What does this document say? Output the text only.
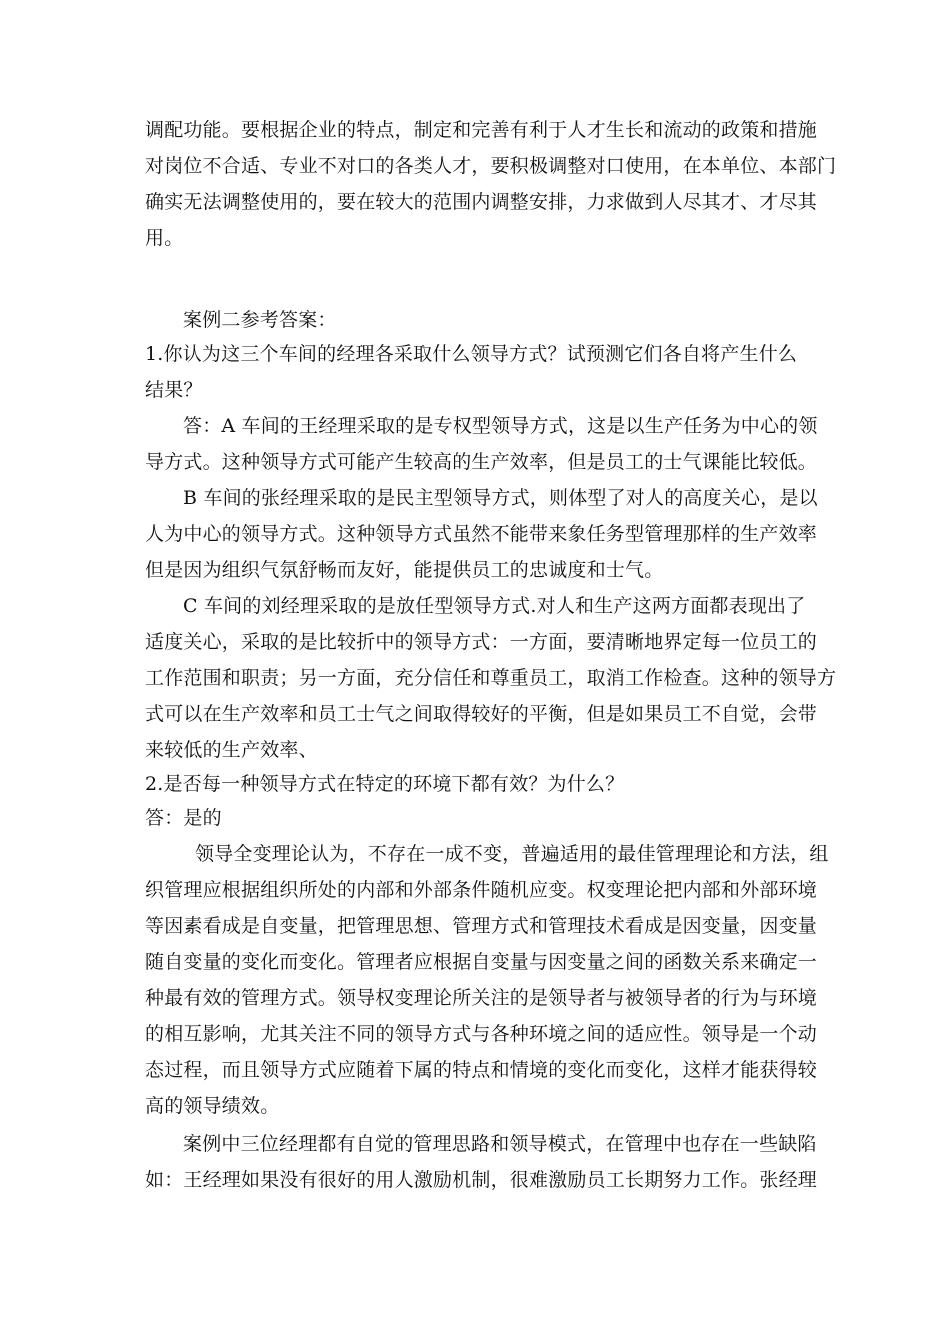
调配功能。要根据企业的特点，制定和完善有利于人才生长和流动的政策和措施
对岗位不合适、专业不对口的各类人才，要积极调整对口使用，在本单位、本部门
确实无法调整使用的，要在较大的范围内调整安排，力求做到人尽其才、才尽其
用。
案例二参考答案：
1.你认为这三个车间的经理各采取什么领导方式？试预测它们各自将产生什么
结果？
答：A 车间的王经理采取的是专权型领导方式，这是以生产任务为中心的领
导方式。这种领导方式可能产生较高的生产效率，但是员工的士气课能比较低。
B 车间的张经理采取的是民主型领导方式，则体型了对人的高度关心，是以
人为中心的领导方式。这种领导方式虽然不能带来象任务型管理那样的生产效率
但是因为组织气氛舒畅而友好，能提供员工的忠诚度和士气。
C 车间的刘经理采取的是放任型领导方式.对人和生产这两方面都表现出了
适度关心，采取的是比较折中的领导方式：一方面，要清晰地界定每一位员工的
工作范围和职责；另一方面，充分信任和尊重员工，取消工作检查。这种的领导方
式可以在生产效率和员工士气之间取得较好的平衡，但是如果员工不自觉，会带
来较低的生产效率、
2.是否每一种领导方式在特定的环境下都有效？为什么？
答：是的
领导全变理论认为，不存在一成不变，普遍适用的最佳管理理论和方法，组
织管理应根据组织所处的内部和外部条件随机应变。权变理论把内部和外部环境
等因素看成是自变量，把管理思想、管理方式和管理技术看成是因变量，因变量
随自变量的变化而变化。管理者应根据自变量与因变量之间的函数关系来确定一
种最有效的管理方式。领导权变理论所关注的是领导者与被领导者的行为与环境
的相互影响，尤其关注不同的领导方式与各种环境之间的适应性。领导是一个动
态过程，而且领导方式应随着下属的特点和情境的变化而变化，这样才能获得较
高的领导绩效。
案例中三位经理都有自觉的管理思路和领导模式，在管理中也存在一些缺陷
如：王经理如果没有很好的用人激励机制，很难激励员工长期努力工作。张经理
